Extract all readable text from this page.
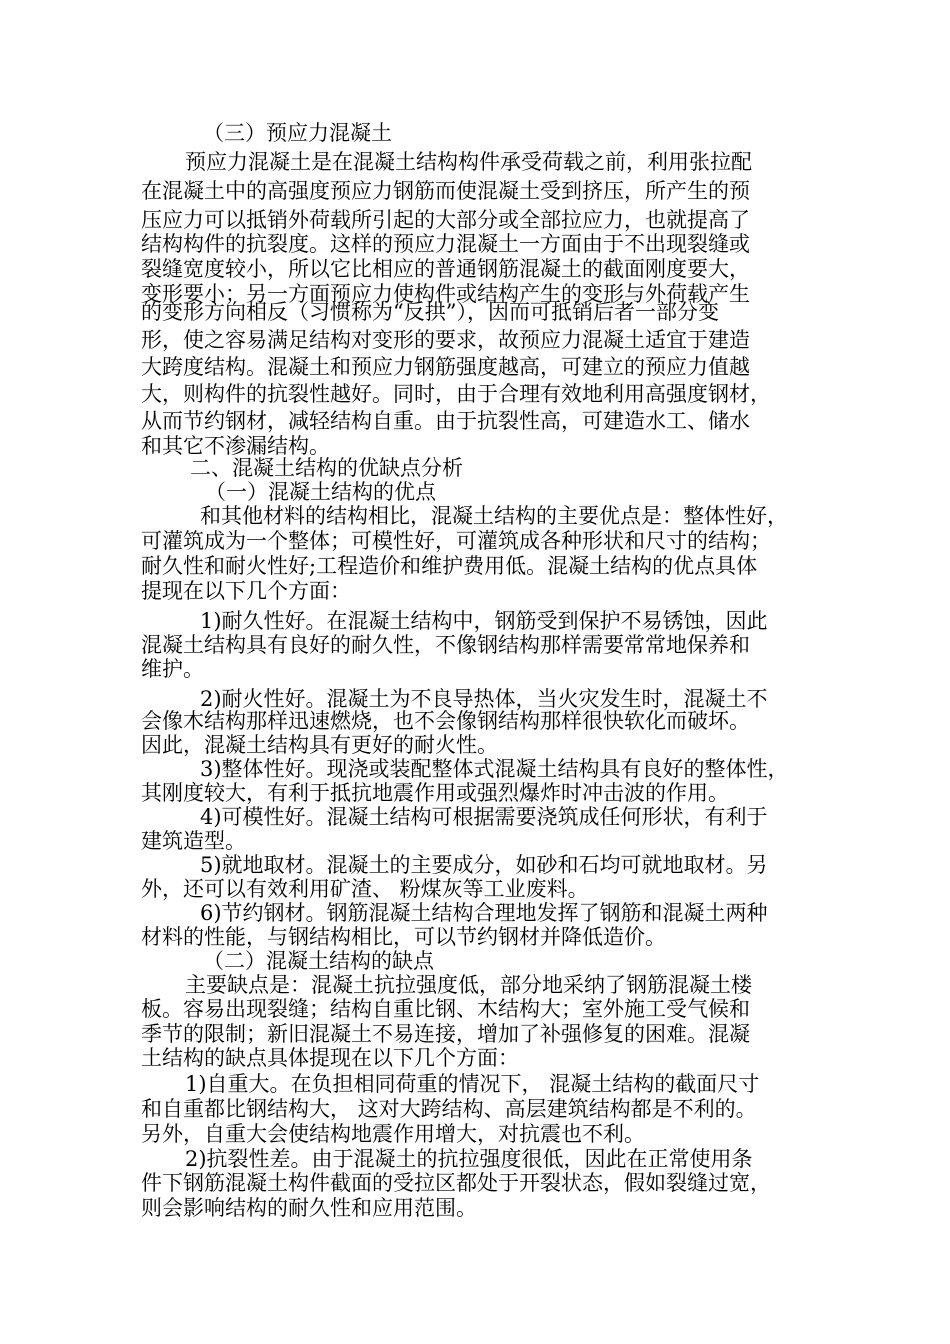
（三）预应力混凝土
预应力混凝土是在混凝土结构构件承受荷载之前，利用张拉配
在混凝土中的高强度预应力钢筋而使混凝土受到挤压，所产生的预
压应力可以抵销外荷载所引起的大部分或全部拉应力，也就提高了
结构构件的抗裂度。这样的预应力混凝土一方面由于不出现裂缝或
裂缝宽度较小，所以它比相应的普通钢筋混凝土的截面刚度要大，
变形要小；另一方面预应力使构件或结构产生的变形与外荷载产生
的变形方向相反（习惯称为“反拱”），因而可抵销后者一部分变
形，使之容易满足结构对变形的要求，故预应力混凝土适宜于建造
大跨度结构。混凝土和预应力钢筋强度越高，可建立的预应力值越
大，则构件的抗裂性越好。同时，由于合理有效地利用高强度钢材，
从而节约钢材，减轻结构自重。由于抗裂性高，可建造水工、储水
和其它不渗漏结构。
二、混凝土结构的优缺点分析
（一）混凝土结构的优点
和其他材料的结构相比，混凝土结构的主要优点是：整体性好，
可灌筑成为一个整体；可模性好，可灌筑成各种形状和尺寸的结构；
耐久性和耐火性好;工程造价和维护费用低。混凝土结构的优点具体
提现在以下几个方面：
1)耐久性好。在混凝土结构中，钢筋受到保护不易锈蚀，因此
混凝土结构具有良好的耐久性，不像钢结构那样需要常常地保养和
维护。
2)耐火性好。混凝土为不良导热体，当火灾发生时，混凝土不
会像木结构那样迅速燃烧，也不会像钢结构那样很快软化而破坏。
因此，混凝土结构具有更好的耐火性。
3)整体性好。现浇或装配整体式混凝土结构具有良好的整体性，
其刚度较大，有利于抵抗地震作用或强烈爆炸时冲击波的作用。
4)可模性好。混凝土结构可根据需要浇筑成任何形状，有利于
建筑造型。
5)就地取材。混凝土的主要成分，如砂和石均可就地取材。另
外，还可以有效利用矿渣、 粉煤灰等工业废料。
6)节约钢材。钢筋混凝土结构合理地发挥了钢筋和混凝土两种
材料的性能，与钢结构相比，可以节约钢材并降低造价。
（二）混凝土结构的缺点
主要缺点是：混凝土抗拉强度低，部分地采纳了钢筋混凝土楼
板。容易出现裂缝；结构自重比钢、木结构大；室外施工受气候和
季节的限制；新旧混凝土不易连接，增加了补强修复的困难。混凝
土结构的缺点具体提现在以下几个方面：
1)自重大。在负担相同荷重的情况下， 混凝土结构的截面尺寸
和自重都比钢结构大， 这对大跨结构、高层建筑结构都是不利的。
另外，自重大会使结构地震作用增大，对抗震也不利。
2)抗裂性差。由于混凝土的抗拉强度很低，因此在正常使用条
件下钢筋混凝土构件截面的受拉区都处于开裂状态，假如裂缝过宽，
则会影响结构的耐久性和应用范围。
